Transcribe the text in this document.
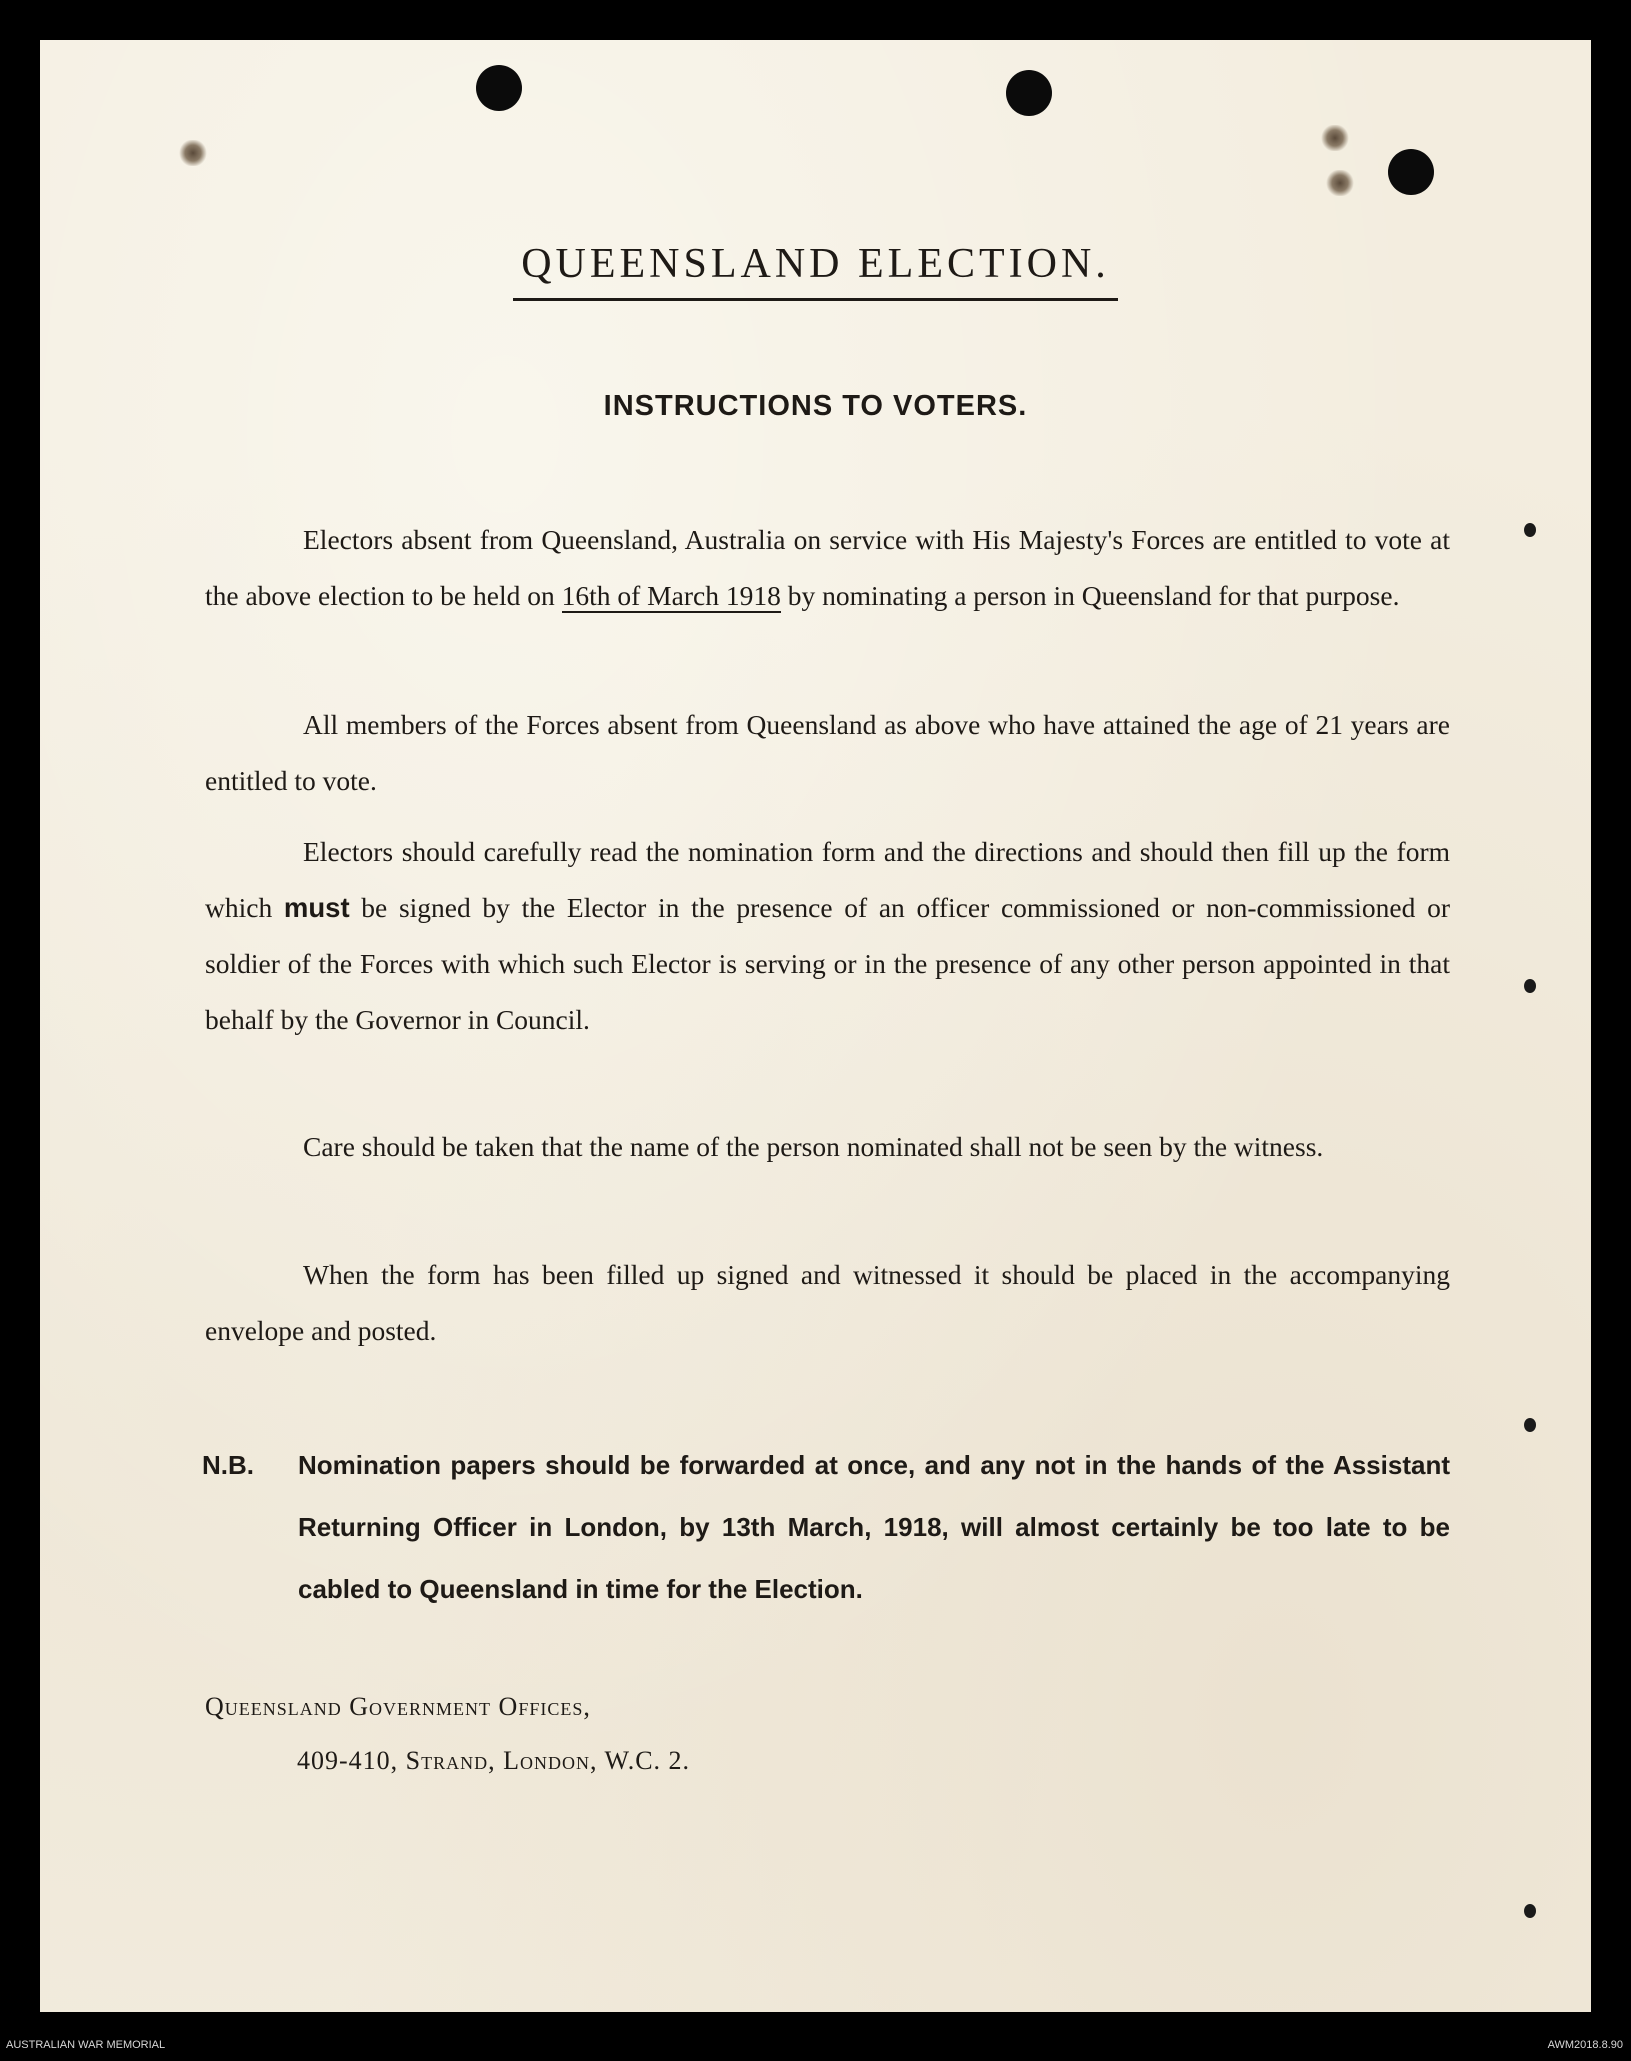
QUEENSLAND ELECTION.
INSTRUCTIONS TO VOTERS.
Electors absent from Queensland, Australia on service with His Majesty's Forces are entitled to vote at the above election to be held on 16th of March 1918 by nominating a person in Queensland for that purpose.
All members of the Forces absent from Queensland as above who have attained the age of 21 years are entitled to vote.
Electors should carefully read the nomination form and the directions and should then fill up the form which must be signed by the Elector in the presence of an officer commissioned or non-commissioned or soldier of the Forces with which such Elector is serving or in the presence of any other person appointed in that behalf by the Governor in Council.
Care should be taken that the name of the person nominated shall not be seen by the witness.
When the form has been filled up signed and witnessed it should be placed in the accompanying envelope and posted.
N.B. Nomination papers should be forwarded at once, and any not in the hands of the Assistant Returning Officer in London, by 13th March, 1918, will almost certainly be too late to be cabled to Queensland in time for the Election.
Queensland Government Offices,
409-410, Strand, London, W.C. 2.
AUSTRALIAN WAR MEMORIAL	AWM2018.8.90
